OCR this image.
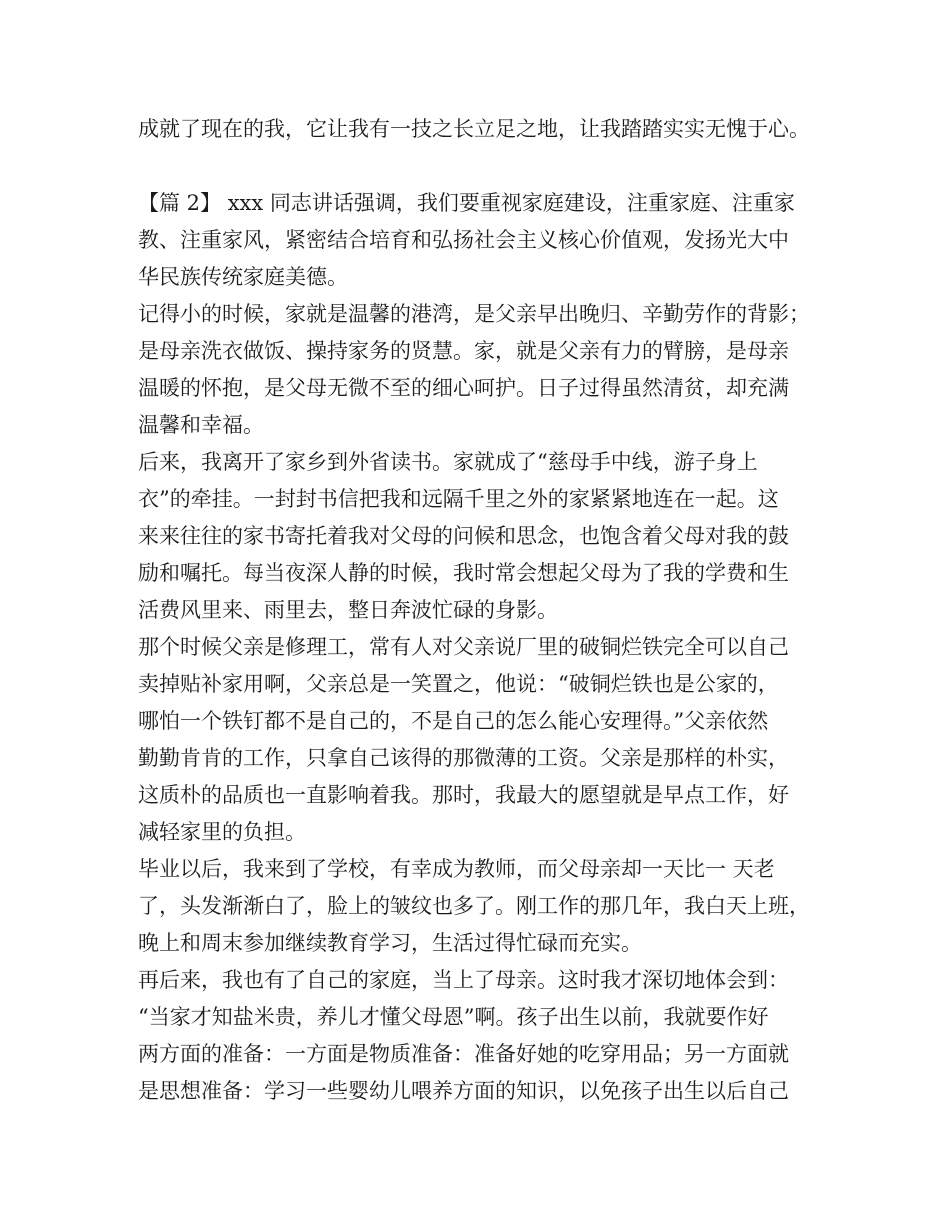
成就了现在的我，它让我有一技之长立足之地，让我踏踏实实无愧于心。
【篇 2】 xxx 同志讲话强调，我们要重视家庭建设，注重家庭、注重家
教、注重家风，紧密结合培育和弘扬社会主义核心价值观，发扬光大中
华民族传统家庭美德。
记得小的时候，家就是温馨的港湾，是父亲早出晚归、辛勤劳作的背影；
是母亲洗衣做饭、操持家务的贤慧。家，就是父亲有力的臂膀，是母亲
温暖的怀抱，是父母无微不至的细心呵护。日子过得虽然清贫，却充满
温馨和幸福。
后来，我离开了家乡到外省读书。家就成了“慈母手中线，游子身上
衣”的牵挂。一封封书信把我和远隔千里之外的家紧紧地连在一起。这
来来往往的家书寄托着我对父母的问候和思念，也饱含着父母对我的鼓
励和嘱托。每当夜深人静的时候，我时常会想起父母为了我的学费和生
活费风里来、雨里去，整日奔波忙碌的身影。
那个时候父亲是修理工，常有人对父亲说厂里的破铜烂铁完全可以自己
卖掉贴补家用啊，父亲总是一笑置之，他说：“破铜烂铁也是公家的，
哪怕一个铁钉都不是自己的，不是自己的怎么能心安理得。”父亲依然
勤勤肯肯的工作，只拿自己该得的那微薄的工资。父亲是那样的朴实，
这质朴的品质也一直影响着我。那时，我最大的愿望就是早点工作，好
减轻家里的负担。
毕业以后，我来到了学校，有幸成为教师，而父母亲却一天比一 天老
了，头发渐渐白了，脸上的皱纹也多了。刚工作的那几年，我白天上班，
晚上和周末参加继续教育学习，生活过得忙碌而充实。
再后来，我也有了自己的家庭，当上了母亲。这时我才深切地体会到：
“当家才知盐米贵，养儿才懂父母恩”啊。孩子出生以前，我就要作好
两方面的准备：一方面是物质准备：准备好她的吃穿用品；另一方面就
是思想准备：学习一些婴幼儿喂养方面的知识，以免孩子出生以后自己
